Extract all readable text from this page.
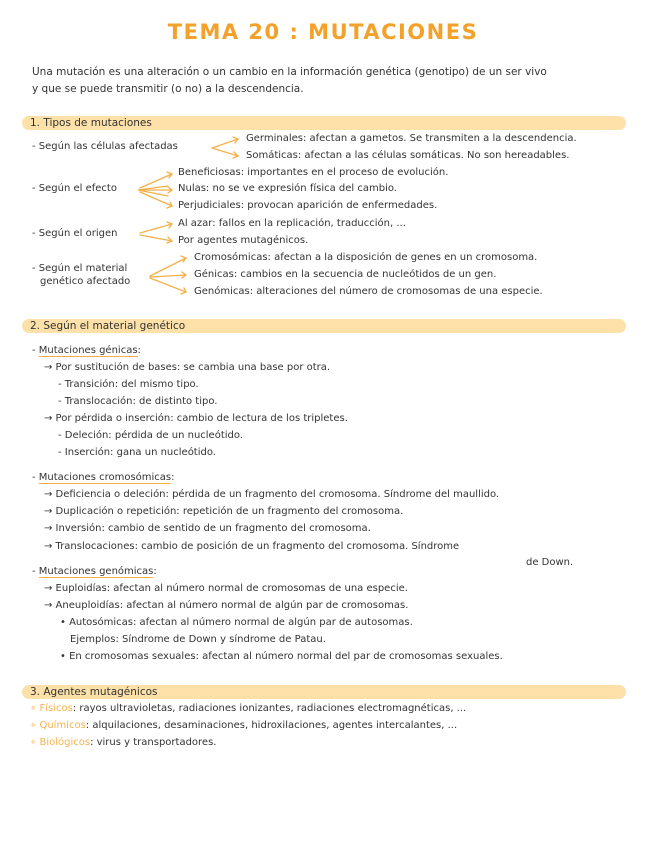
TEMA 20 : MUTACIONES
Una mutación es una alteración o un cambio en la información genética (genotipo) de un ser vivo
y que se puede transmitir (o no) a la descendencia.
1. Tipos de mutaciones
- Según las células afectadas
Germinales: afectan a gametos. Se transmiten a la descendencia.
Somáticas: afectan a las células somáticas. No son hereadables.
- Según el efecto
Beneficiosas: importantes en el proceso de evolución.
Nulas: no se ve expresión física del cambio.
Perjudiciales: provocan aparición de enfermedades.
- Según el origen
Al azar: fallos en la replicación, traducción, ...
Por agentes mutagénicos.
- Según el material
genético afectado
Cromosómicas: afectan a la disposición de genes en un cromosoma.
Génicas: cambios en la secuencia de nucleótidos de un gen.
Genómicas: alteraciones del número de cromosomas de una especie.
2. Según el material genético
- Mutaciones génicas:
→ Por sustitución de bases: se cambia una base por otra.
- Transición: del mismo tipo.
- Translocación: de distinto tipo.
→ Por pérdida o inserción: cambio de lectura de los tripletes.
- Deleción: pérdida de un nucleótido.
- Inserción: gana un nucleótido.
- Mutaciones cromosómicas:
→ Deficiencia o deleción: pérdida de un fragmento del cromosoma. Síndrome del maullido.
→ Duplicación o repetición: repetición de un fragmento del cromosoma.
→ Inversión: cambio de sentido de un fragmento del cromosoma.
→ Translocaciones: cambio de posición de un fragmento del cromosoma. Síndrome
de Down.
- Mutaciones genómicas:
→ Euploidías: afectan al número normal de cromosomas de una especie.
→ Aneuploidías: afectan al número normal de algún par de cromosomas.
• Autosómicas: afectan al número normal de algún par de autosomas.
Ejemplos: Síndrome de Down y síndrome de Patau.
• En cromosomas sexuales: afectan al número normal del par de cromosomas sexuales.
3. Agentes mutagénicos
∘ Físicos: rayos ultravioletas, radiaciones ionizantes, radiaciones electromagnéticas, ...
∘ Químicos: alquilaciones, desaminaciones, hidroxilaciones, agentes intercalantes, ...
∘ Biológicos: virus y transportadores.
